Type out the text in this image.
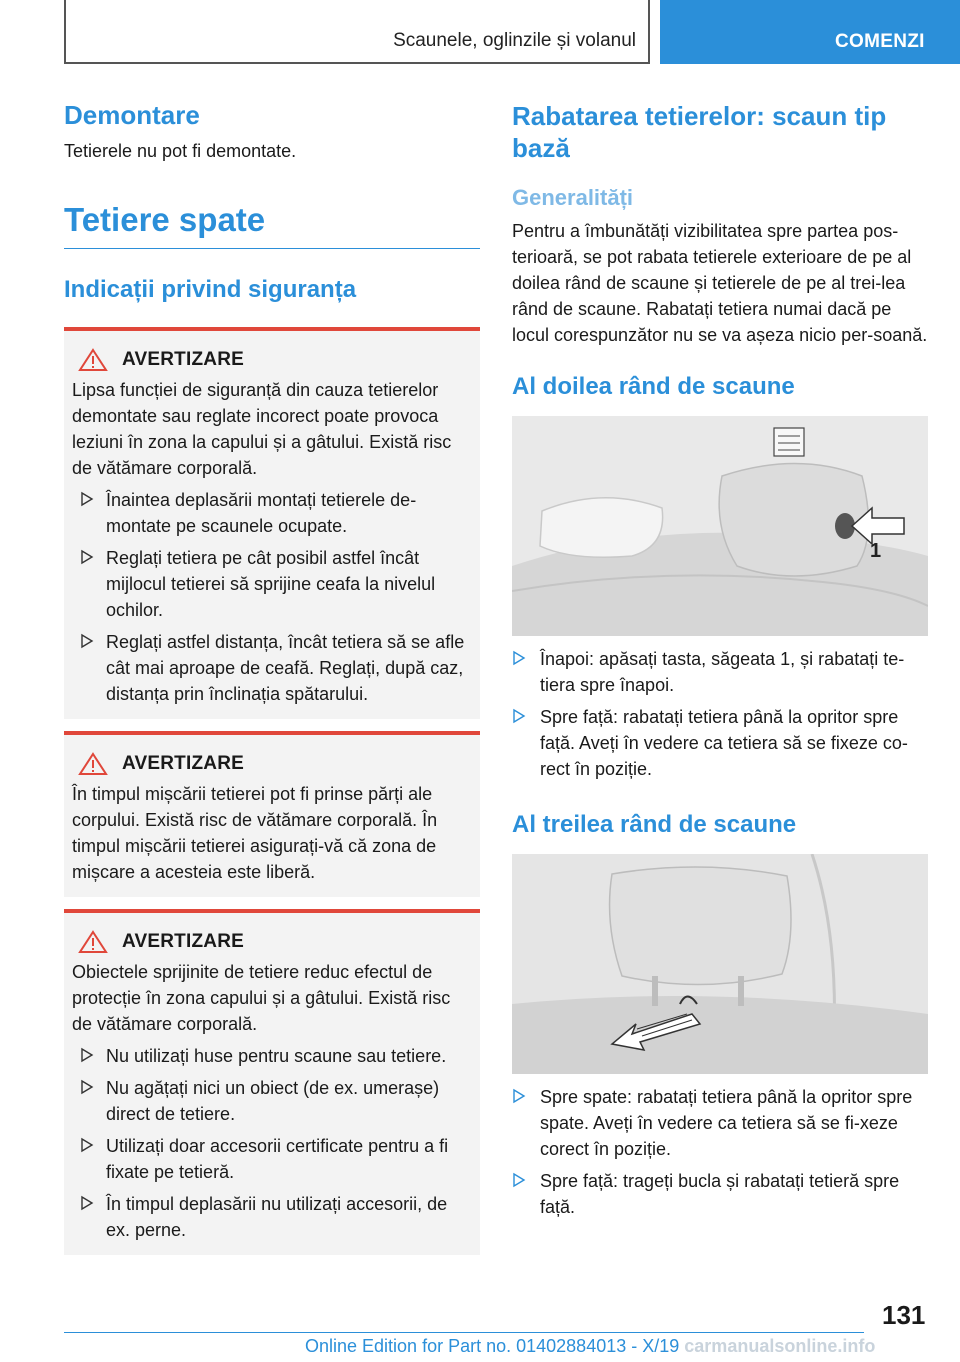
Scaunele, oglinzile și volanul	COMENZI
Demontare

Tetierele nu pot fi demontate.

Tetiere spate
Indicații privind siguranța
AVERTIZARE

Lipsa funcției de siguranță din cauza tetierelor demontate sau reglate incorect poate provoca leziuni în zona la capului și a gâtului. Există risc de vătămare corporală.

Înaintea deplasării montați tetierele de-montate pe scaunele ocupate.
Reglați tetiera pe cât posibil astfel încât mijlocul tetierei să sprijine ceafa la nivelul ochilor.
Reglați astfel distanța, încât tetiera să se afle cât mai aproape de ceafă. Reglați, după caz, distanța prin înclinația spătarului.
AVERTIZARE

În timpul mișcării tetierei pot fi prinse părți ale corpului. Există risc de vătămare corporală. În timpul mișcării tetierei asigurați-vă că zona de mișcare a acesteia este liberă.

AVERTIZARE

Obiectele sprijinite de tetiere reduc efectul de protecție în zona capului și a gâtului. Există risc de vătămare corporală.

Nu utilizați huse pentru scaune sau tetiere.
Nu agățați nici un obiect (de ex. umerașe) direct de tetiere.
Utilizați doar accesorii certificate pentru a fi fixate pe tetieră.
În timpul deplasării nu utilizați accesorii, de ex. perne.
Rabatarea tetierelor: scaun tip bază
Generalități

Pentru a îmbunătăți vizibilitatea spre partea pos-terioară, se pot rabata tetierele exterioare de pe al doilea rând de scaune și tetierele de pe al trei-lea rând de scaune. Rabatați tetiera numai dacă pe locul corespunzător nu se va așeza nicio per-soană.

Al doilea rând de scaune
1
Înapoi: apăsați tasta, săgeata 1, și rabatați te-tiera spre înapoi.
Spre față: rabatați tetiera până la opritor spre față. Aveți în vedere ca tetiera să se fixeze co-rect în poziție.
Al treilea rând de scaune
Spre spate: rabatați tetiera până la opritor spre spate. Aveți în vedere ca tetiera să se fi-xeze corect în poziție.
Spre față: trageți bucla și rabatați tetieră spre față.
131
Online Edition for Part no. 01402884013 - X/19 carmanualsonline.info
